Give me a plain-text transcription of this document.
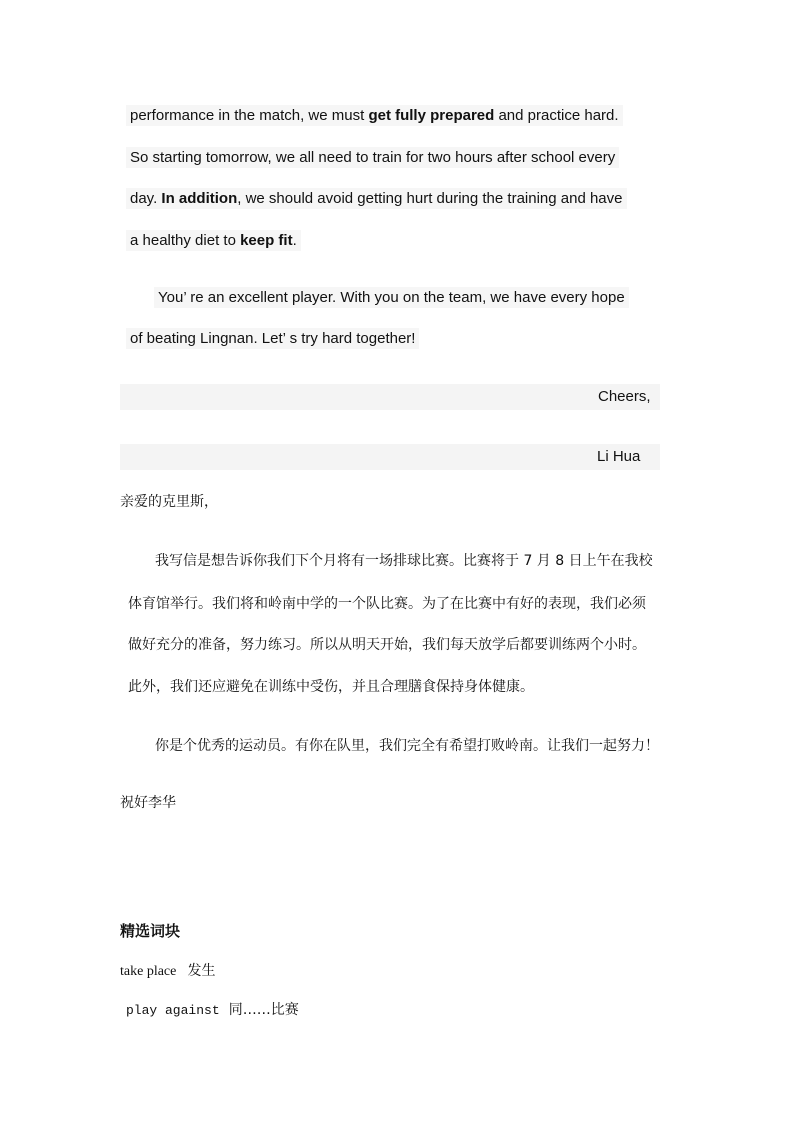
performance in the match, we must get fully prepared and practice hard.
So starting tomorrow, we all need to train for two hours after school every
day. In addition, we should avoid getting hurt during the training and have
a healthy diet to keep fit.
You’ re an excellent player. With you on the team, we have every hope
of beating Lingnan. Let’ s try hard together!
Cheers,
Li Hua
亲爱的克里斯，
我写信是想告诉你我们下个月将有一场排球比赛。比赛将于 7 月 8 日上午在我校
体育馆举行。我们将和岭南中学的一个队比赛。为了在比赛中有好的表现，我们必须
做好充分的准备，努力练习。所以从明天开始，我们每天放学后都要训练两个小时。
此外，我们还应避免在训练中受伤，并且合理膳食保持身体健康。
你是个优秀的运动员。有你在队里，我们完全有希望打败岭南。让我们一起努力！
祝好李华
精选词块
take place 发生
play against 同……比赛
